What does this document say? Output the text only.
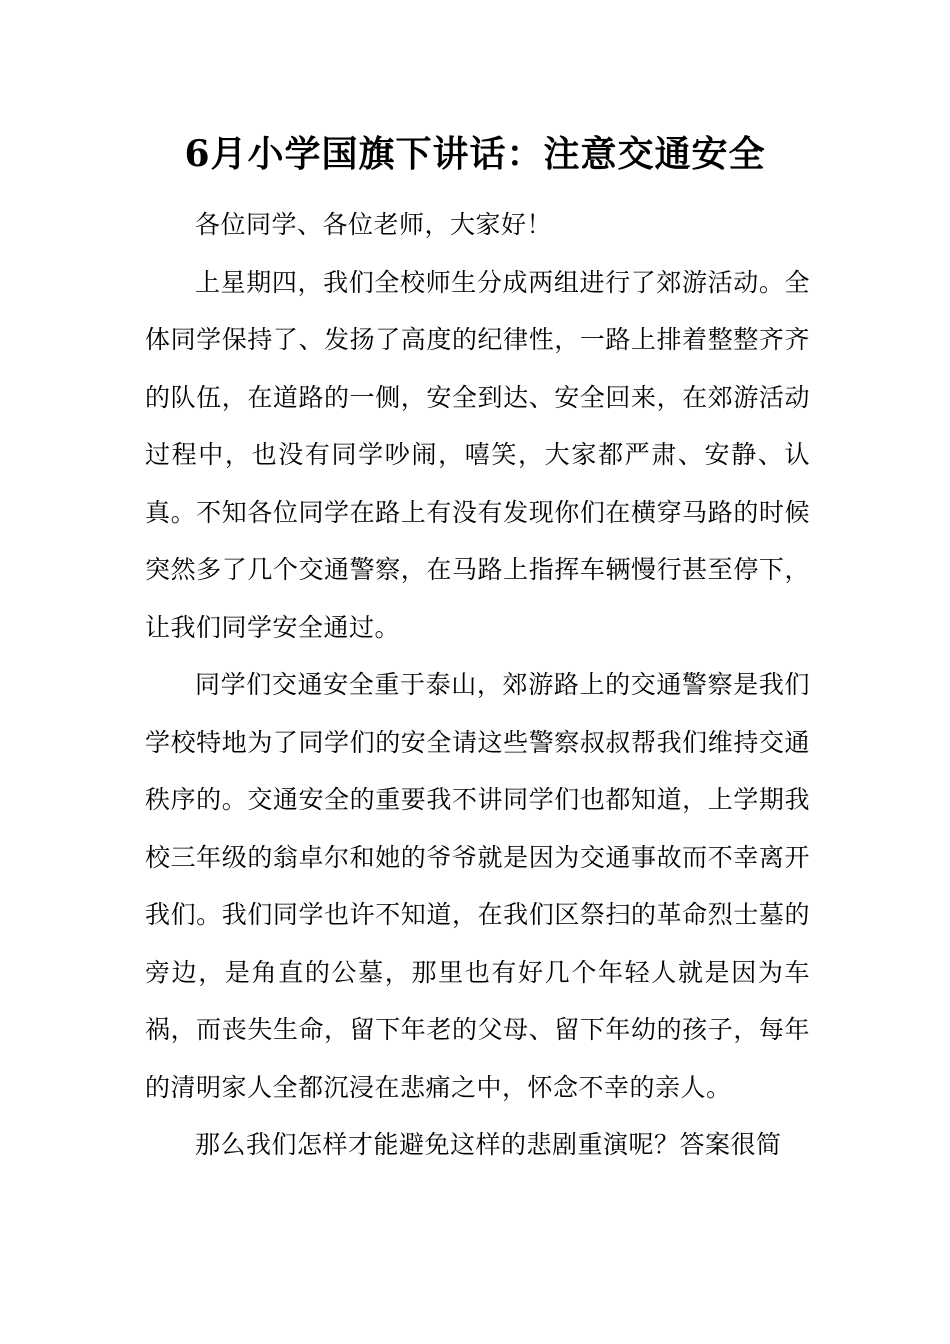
6月小学国旗下讲话：注意交通安全

各位同学、各位老师，大家好！

上星期四，我们全校师生分成两组进行了郊游活动。全体同学保持了、发扬了高度的纪律性，一路上排着整整齐齐的队伍，在道路的一侧，安全到达、安全回来，在郊游活动过程中，也没有同学吵闹，嘻笑，大家都严肃、安静、认真。不知各位同学在路上有没有发现你们在横穿马路的时候突然多了几个交通警察，在马路上指挥车辆慢行甚至停下，让我们同学安全通过。

同学们交通安全重于泰山，郊游路上的交通警察是我们学校特地为了同学们的安全请这些警察叔叔帮我们维持交通秩序的。交通安全的重要我不讲同学们也都知道，上学期我校三年级的翁卓尔和她的爷爷就是因为交通事故而不幸离开我们。我们同学也许不知道，在我们区祭扫的革命烈士墓的旁边，是角直的公墓，那里也有好几个年轻人就是因为车祸，而丧失生命，留下年老的父母、留下年幼的孩子，每年的清明家人全都沉浸在悲痛之中，怀念不幸的亲人。

那么我们怎样才能避免这样的悲剧重演呢？答案很简
